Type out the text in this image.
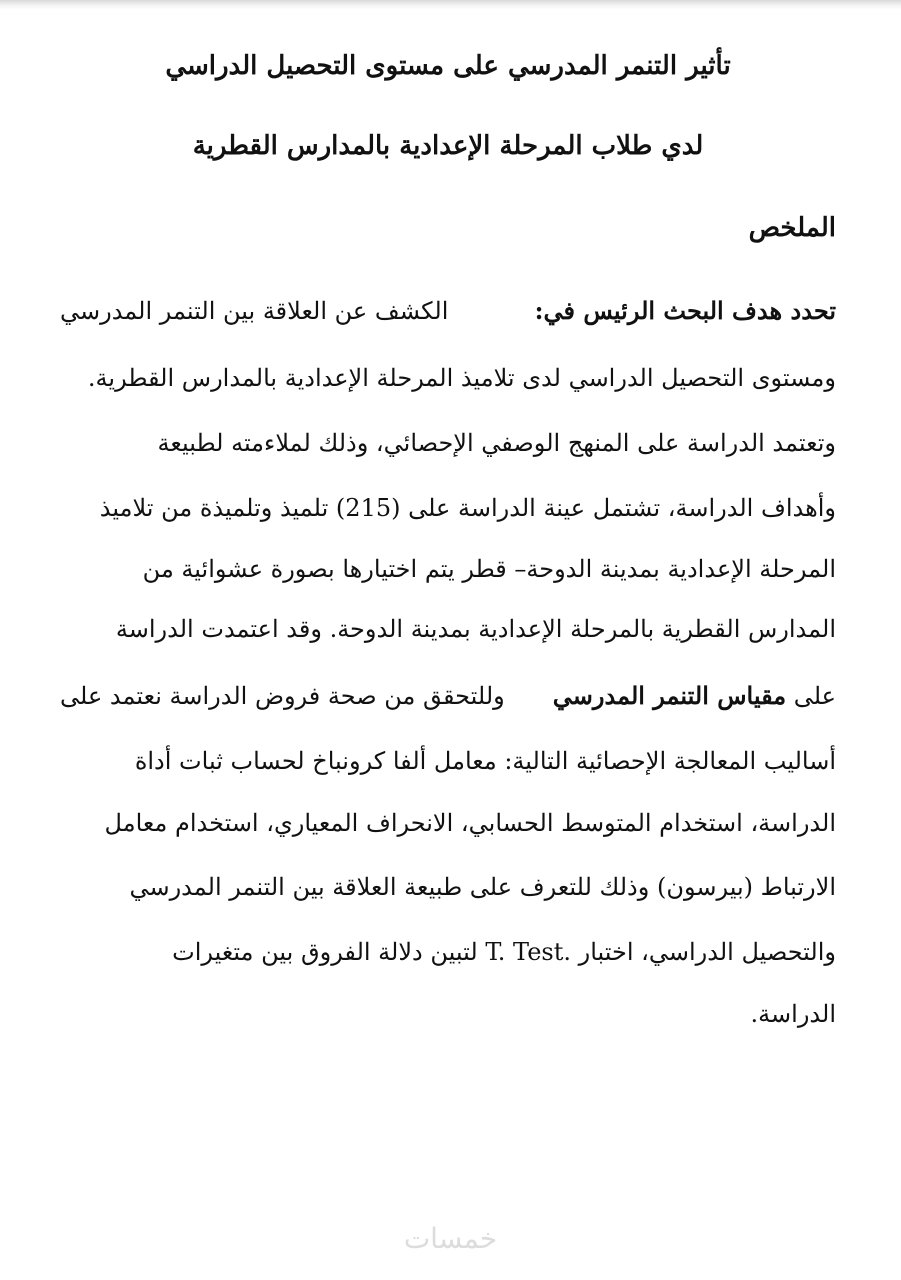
تأثير التنمر المدرسي على مستوى التحصيل الدراسي
لدي طلاب المرحلة الإعدادية بالمدارس القطرية
الملخص
تحدد هدف البحث الرئيس في:
الكشف عن العلاقة بين التنمر المدرسي
ومستوى التحصيل الدراسي لدى تلاميذ المرحلة الإعدادية بالمدارس القطرية.
وتعتمد الدراسة على المنهج الوصفي الإحصائي، وذلك لملاءمته لطبيعة
وأهداف الدراسة، تشتمل عينة الدراسة على (215) تلميذ وتلميذة من تلاميذ
المرحلة الإعدادية بمدينة الدوحة– قطر يتم اختيارها بصورة عشوائية من
المدارس القطرية بالمرحلة الإعدادية بمدينة الدوحة. وقد اعتمدت الدراسة
على مقياس التنمر المدرسي
وللتحقق من صحة فروض الدراسة نعتمد على
أساليب المعالجة الإحصائية التالية: معامل ألفا كرونباخ لحساب ثبات أداة
الدراسة، استخدام المتوسط الحسابي، الانحراف المعياري، استخدام معامل
الارتباط (بيرسون) وذلك للتعرف على طبيعة العلاقة بين التنمر المدرسي
والتحصيل الدراسي، اختبار .T. Test لتبين دلالة الفروق بين متغيرات
الدراسة.
خمسات
